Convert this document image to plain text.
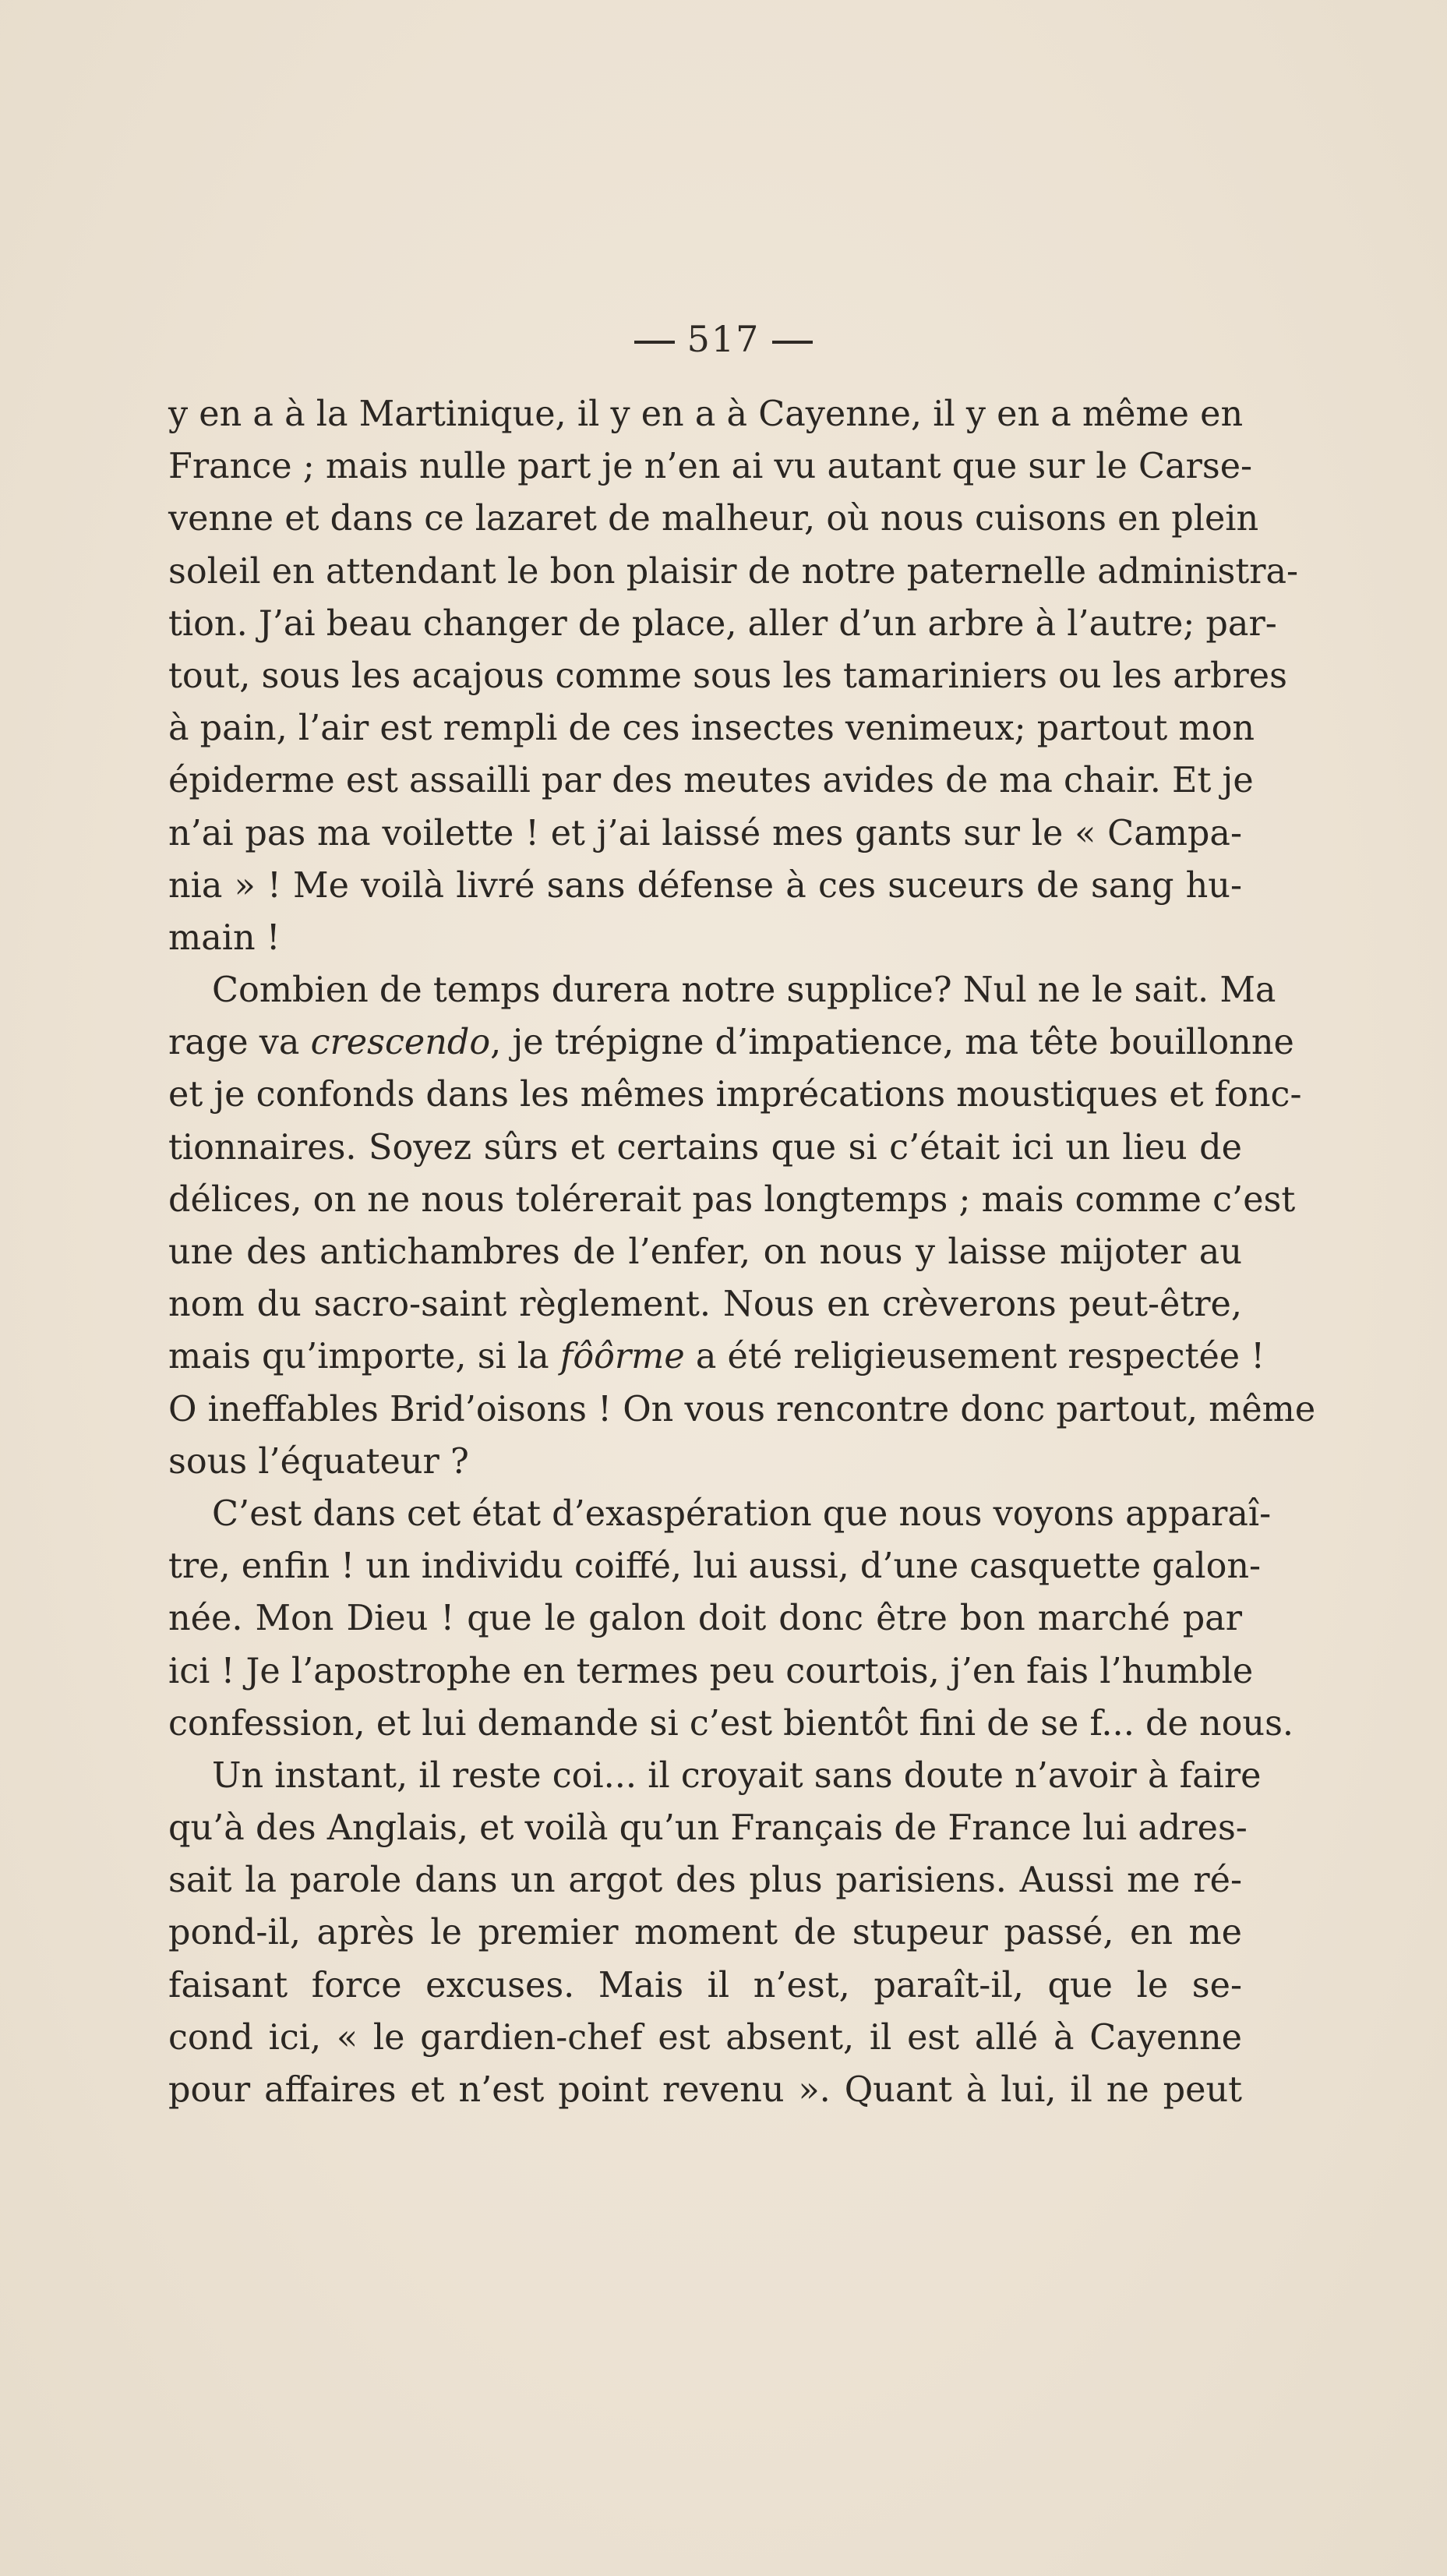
517
y en a à la Martinique, il y en a à Cayenne, il y en a même en
France ; mais nulle part je n’en ai vu autant que sur le Carse-
venne et dans ce lazaret de malheur, où nous cuisons en plein
soleil en attendant le bon plaisir de notre paternelle administra-
tion. J’ai beau changer de place, aller d’un arbre à l’autre; par-
tout, sous les acajous comme sous les tamariniers ou les arbres
à pain, l’air est rempli de ces insectes venimeux; partout mon
épiderme est assailli par des meutes avides de ma chair. Et je
n’ai pas ma voilette ! et j’ai laissé mes gants sur le « Campa-
nia » ! Me voilà livré sans défense à ces suceurs de sang hu-
main !
Combien de temps durera notre supplice? Nul ne le sait. Ma
rage va crescendo, je trépigne d’impatience, ma tête bouillonne
et je confonds dans les mêmes imprécations moustiques et fonc-
tionnaires. Soyez sûrs et certains que si c’était ici un lieu de
délices, on ne nous tolérerait pas longtemps ; mais comme c’est
une des antichambres de l’enfer, on nous y laisse mijoter au
nom du sacro-saint règlement. Nous en crèverons peut-être,
mais qu’importe, si la fôôrme a été religieusement respectée !
O ineffables Brid’oisons ! On vous rencontre donc partout, même
sous l’équateur ?
C’est dans cet état d’exaspération que nous voyons apparaî-
tre, enfin ! un individu coiffé, lui aussi, d’une casquette galon-
née. Mon Dieu ! que le galon doit donc être bon marché par
ici ! Je l’apostrophe en termes peu courtois, j’en fais l’humble
confession, et lui demande si c’est bientôt fini de se f... de nous.
Un instant, il reste coi... il croyait sans doute n’avoir à faire
qu’à des Anglais, et voilà qu’un Français de France lui adres-
sait la parole dans un argot des plus parisiens. Aussi me ré-
pond-il, après le premier moment de stupeur passé, en me
faisant force excuses. Mais il n’est, paraît-il, que le se-
cond ici, « le gardien-chef est absent, il est allé à Cayenne
pour affaires et n’est point revenu ». Quant à lui, il ne peut
